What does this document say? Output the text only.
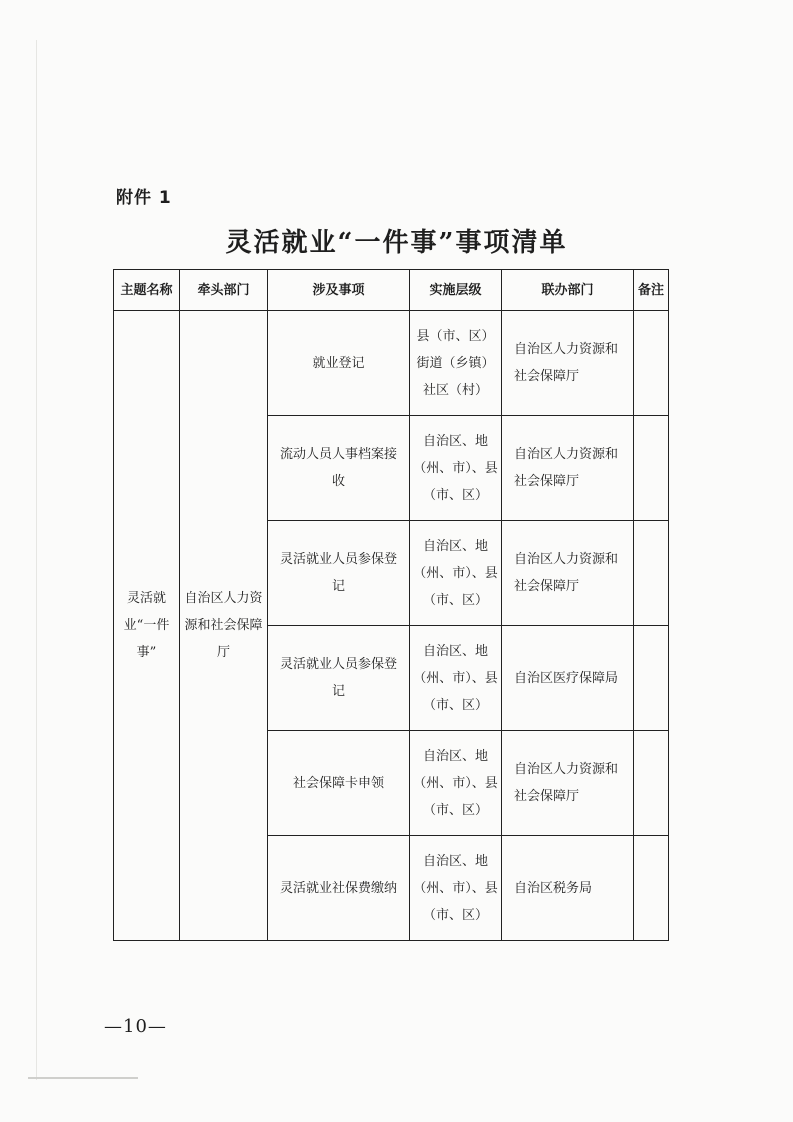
附件 1
灵活就业“一件事”事项清单
主题名称	牵头部门	涉及事项	实施层级	联办部门	备注
灵活就业“一件事”	自治区人力资源和社会保障厅	就业登记	县（市、区）街道（乡镇）社区（村）	自治区人力资源和社会保障厅	
		流动人员人事档案接收	自治区、地（州、市）、县（市、区）	自治区人力资源和社会保障厅	
		灵活就业人员参保登记	自治区、地（州、市）、县（市、区）	自治区人力资源和社会保障厅	
		灵活就业人员参保登记	自治区、地（州、市）、县（市、区）	自治区医疗保障局	
		社会保障卡申领	自治区、地（州、市）、县（市、区）	自治区人力资源和社会保障厅	
		灵活就业社保费缴纳	自治区、地（州、市）、县（市、区）	自治区税务局	
—10—
